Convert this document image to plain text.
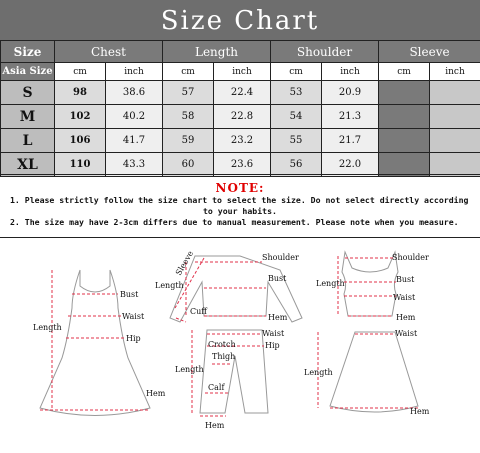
Size Chart
Size	Chest		Length		Shoulder		Sleeve	
Asia Size	cm	inch	cm	inch	cm	inch	cm	inch
S	98	38.6	57	22.4	53	20.9		
M	102	40.2	58	22.8	54	21.3		
L	106	41.7	59	23.2	55	21.7		
XL	110	43.3	60	23.6	56	22.0		
NOTE:
1. Please strictly follow the size chart to select the size. Do not select directly according
to your habits.
2. The size may have 2-3cm differs due to manual measurement. Please note when you measure.
Bust
Waist
Hip
Hem
Length
Shoulder
Bust
Hem
Length
Sleeve
Cuff
Shoulder
Bust
Waist
Hem
Length
Waist
Hip
Crotch
Thigh
Calf
Hem
Length
Waist
Hem
Length
